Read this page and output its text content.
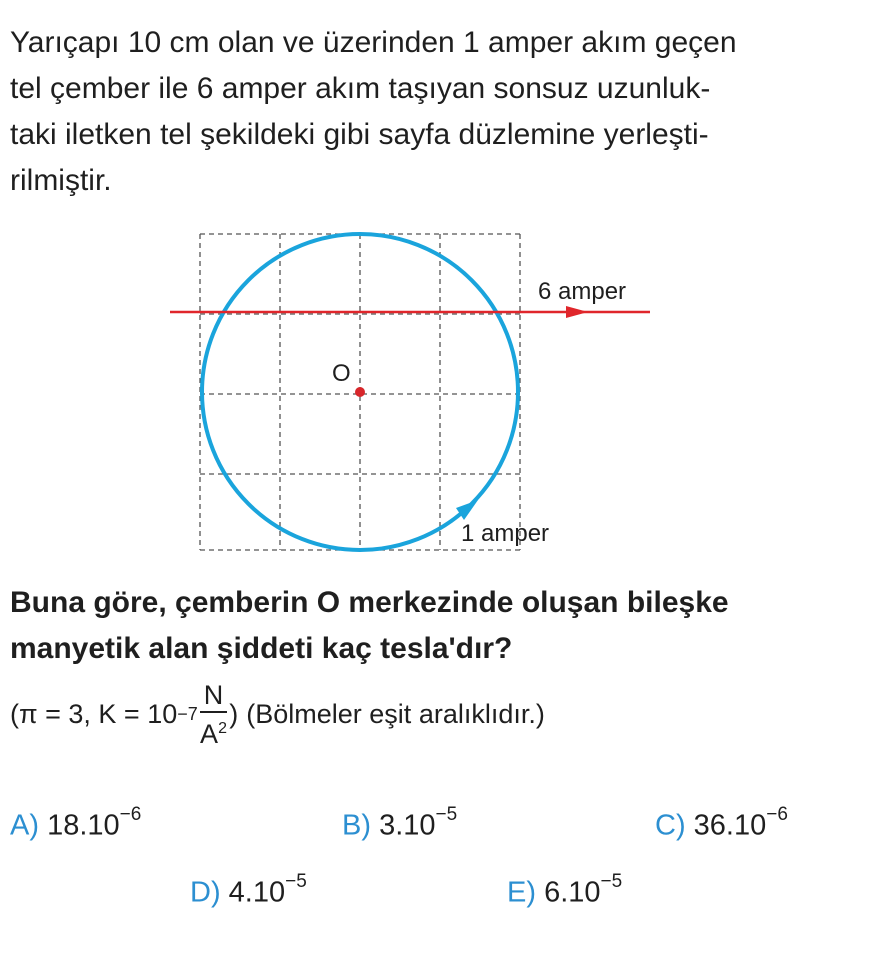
Yarıçapı 10 cm olan ve üzerinden 1 amper akım geçen
tel çember ile 6 amper akım taşıyan sonsuz uzunluk-
taki iletken tel şekildeki gibi sayfa düzlemine yerleşti-
rilmiştir.
6 amper
1 amper
O
Buna göre, çemberin O merkezinde oluşan bileşke
manyetik alan şiddeti kaç tesla'dır?
(π = 3, $K = 10 -7 \frac{N}{A^2}$ ) (Bölmeler eşit aralıklıdır.)
A) $18.10^{-6}$	B) $3.10^{-5}$	C) $36.10^{-6}$
D) $4.10^{-5}$	E) $6.10^{-5}$
